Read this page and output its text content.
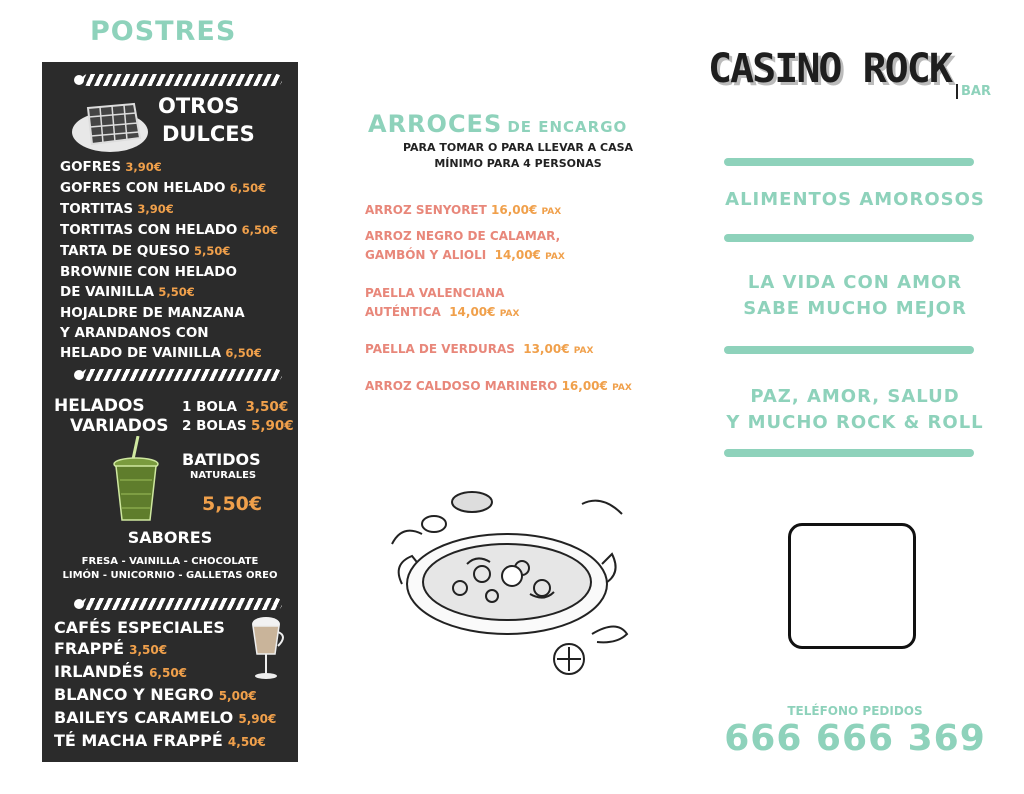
POSTRES
OTROS
DULCES
GOFRES 3,90€
GOFRES CON HELADO 6,50€
TORTITAS 3,90€
TORTITAS CON HELADO 6,50€
TARTA DE QUESO 5,50€
BROWNIE CON HELADO
DE VAINILLA 5,50€
HOJALDRE DE MANZANA
Y ARANDANOS CON
HELADO DE VAINILLA 6,50€
HELADOS
VARIADOS
1 BOLA 3,50€
2 BOLAS 5,90€
BATIDOS
NATURALES
5,50€
SABORES
FRESA - VAINILLA - CHOCOLATE
LIMÓN - UNICORNIO - GALLETAS OREO
CAFÉS ESPECIALES
FRAPPÉ 3,50€
IRLANDÉS 6,50€
BLANCO Y NEGRO 5,00€
BAILEYS CARAMELO 5,90€
TÉ MACHA FRAPPÉ 4,50€
ARROCES DE ENCARGO
PARA TOMAR O PARA LLEVAR A CASA
MÍNIMO PARA 4 PERSONAS
ARROZ SENYORET 16,00€ PAX
ARROZ NEGRO DE CALAMAR,
GAMBÓN Y ALIOLI 14,00€ PAX
PAELLA VALENCIANA
AUTÉNTICA 14,00€ PAX
PAELLA DE VERDURAS 13,00€ PAX
ARROZ CALDOSO MARINERO 16,00€ PAX
CASINO ROCK BAR
ALIMENTOS AMOROSOS
LA VIDA CON AMOR
SABE MUCHO MEJOR
PAZ, AMOR, SALUD
Y MUCHO ROCK & ROLL
TELÉFONO PEDIDOS
666 666 369
